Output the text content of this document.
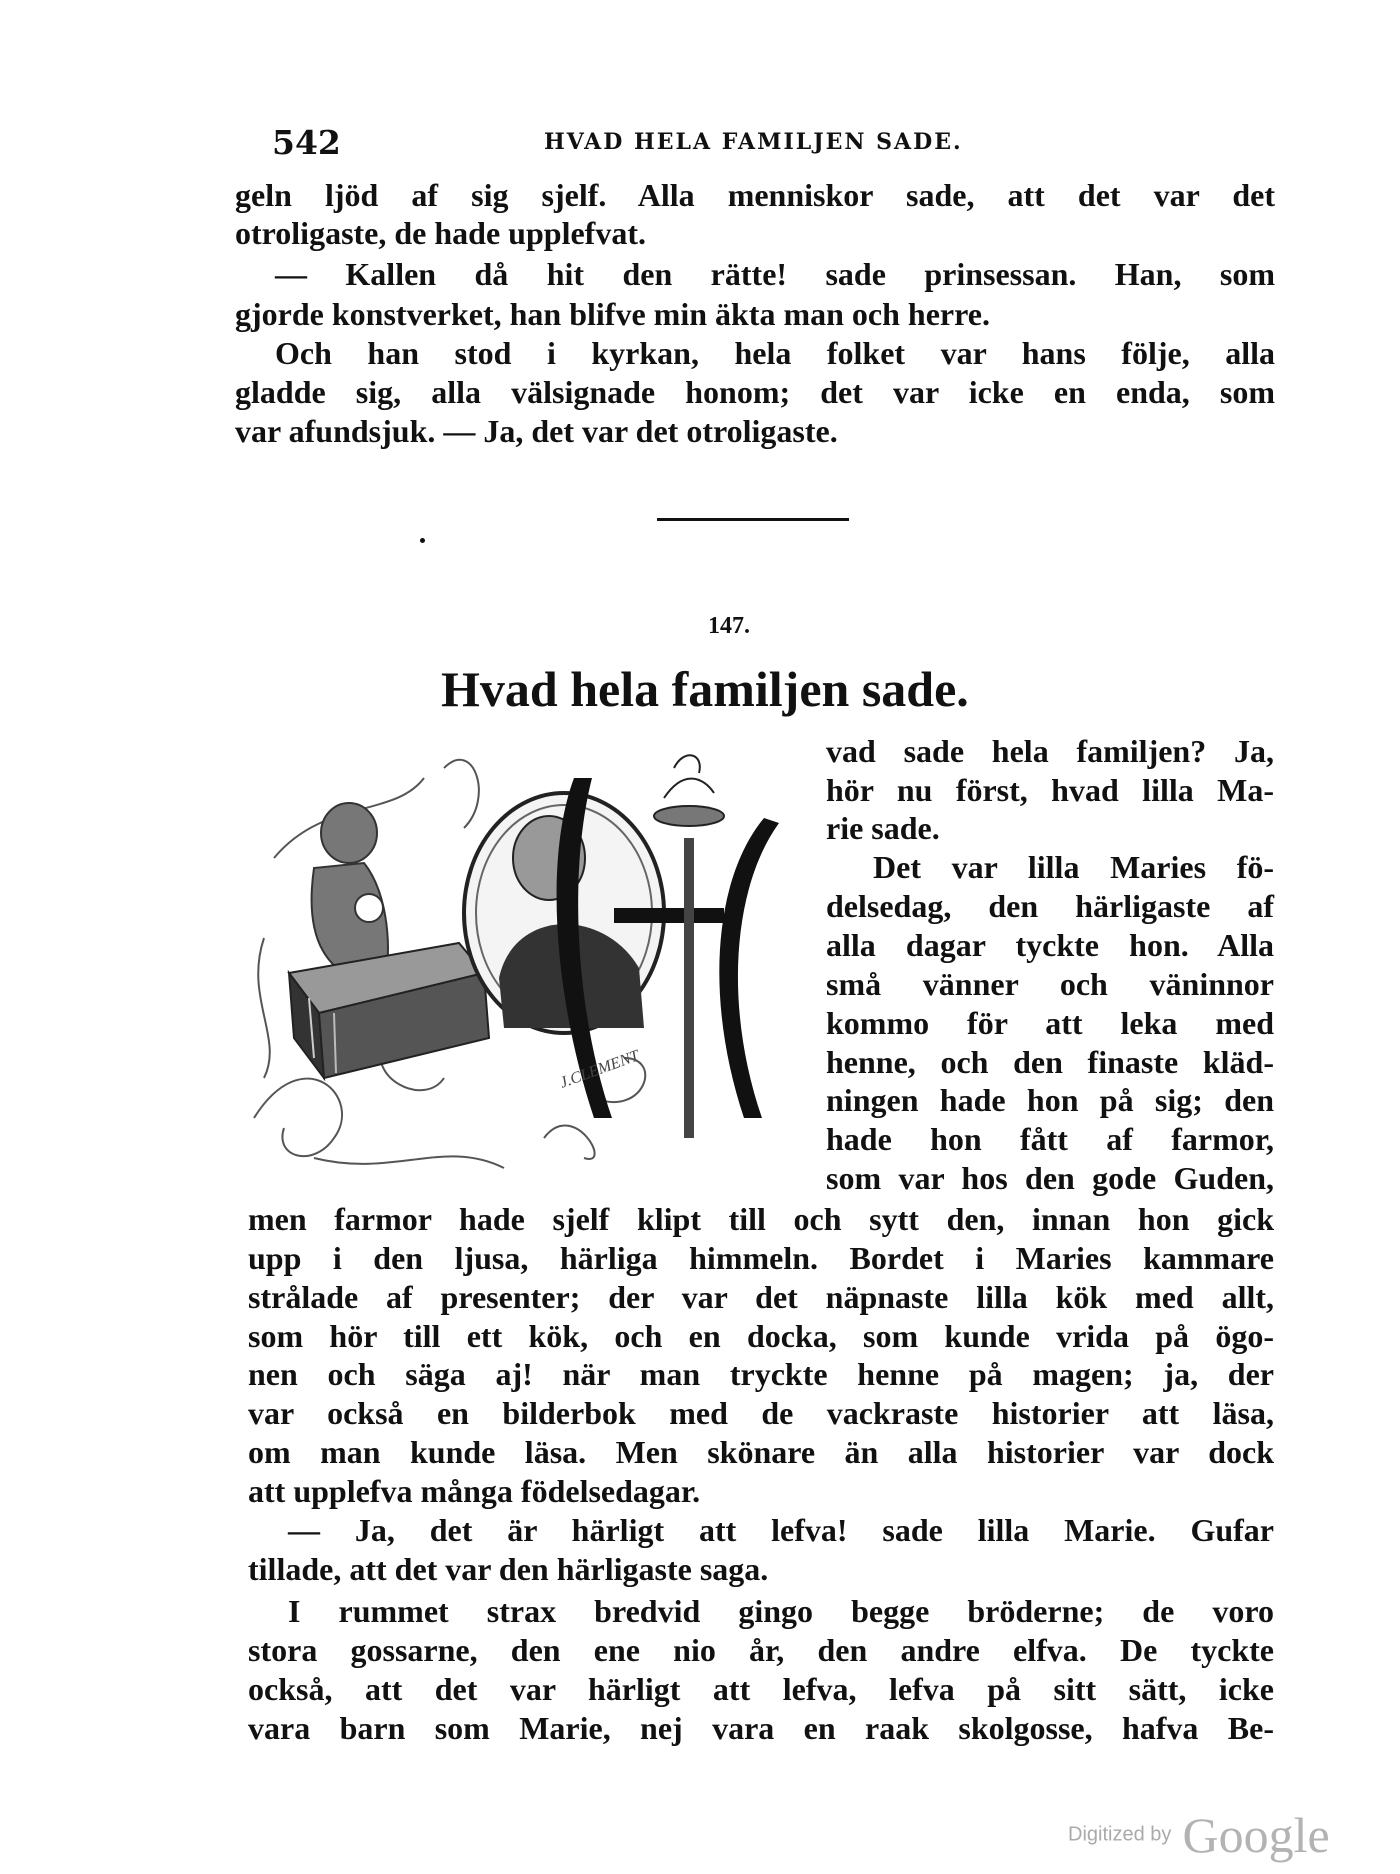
542	HVAD HELA FAMILJEN SADE.
geln ljöd af sig sjelf. Alla menniskor sade, att det var det
otroligaste, de hade upplefvat.
— Kallen då hit den rätte! sade prinsessan. Han, som
gjorde konstverket, han blifve min äkta man och herre.
Och han stod i kyrkan, hela folket var hans följe, alla
gladde sig, alla välsignade honom; det var icke en enda, som
var afundsjuk. — Ja, det var det otroligaste.
147.
Hvad hela familjen sade.
J.CLEMENT
vad sade hela familjen? Ja,
hör nu först, hvad lilla Ma-
rie sade.
Det var lilla Maries fö-
delsedag, den härligaste af
alla dagar tyckte hon. Alla
små vänner och väninnor
kommo för att leka med
henne, och den finaste kläd-
ningen hade hon på sig; den
hade hon fått af farmor,
som var hos den gode Guden,
men farmor hade sjelf klipt till och sytt den, innan hon gick
upp i den ljusa, härliga himmeln. Bordet i Maries kammare
strålade af presenter; der var det näpnaste lilla kök med allt,
som hör till ett kök, och en docka, som kunde vrida på ögo-
nen och säga aj! när man tryckte henne på magen; ja, der
var också en bilderbok med de vackraste historier att läsa,
om man kunde läsa. Men skönare än alla historier var dock
att upplefva många födelsedagar.
— Ja, det är härligt att lefva! sade lilla Marie. Gufar
tillade, att det var den härligaste saga.
I rummet strax bredvid gingo begge bröderne; de voro
stora gossarne, den ene nio år, den andre elfva. De tyckte
också, att det var härligt att lefva, lefva på sitt sätt, icke
vara barn som Marie, nej vara en raak skolgosse, hafva Be-
Digitized by Google
